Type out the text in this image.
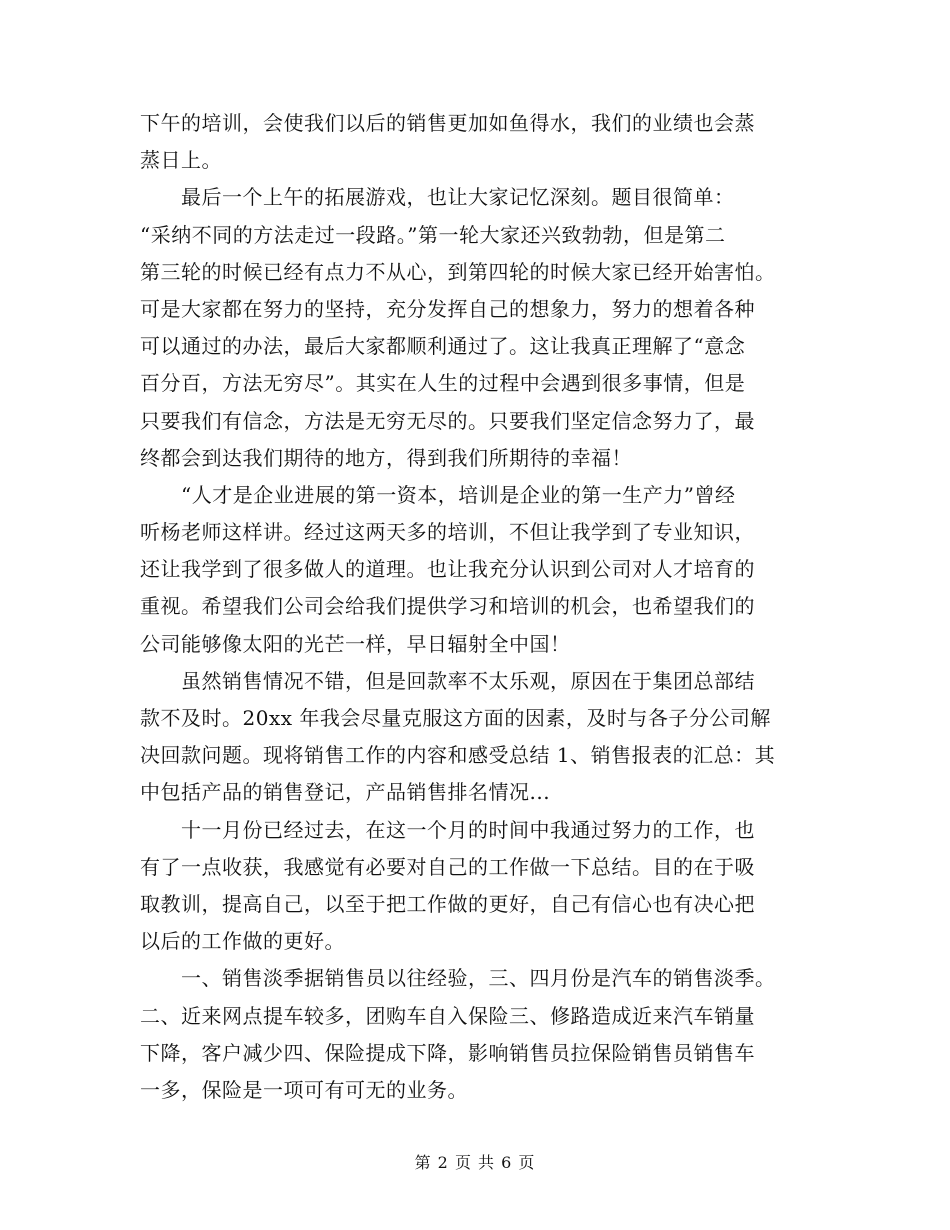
下午的培训，会使我们以后的销售更加如鱼得水，我们的业绩也会蒸
蒸日上。
　　最后一个上午的拓展游戏，也让大家记忆深刻。题目很简单：
“采纳不同的方法走过一段路。”第一轮大家还兴致勃勃，但是第二
第三轮的时候已经有点力不从心，到第四轮的时候大家已经开始害怕。
可是大家都在努力的坚持，充分发挥自己的想象力，努力的想着各种
可以通过的办法，最后大家都顺利通过了。这让我真正理解了“意念
百分百，方法无穷尽”。其实在人生的过程中会遇到很多事情，但是
只要我们有信念，方法是无穷无尽的。只要我们坚定信念努力了，最
终都会到达我们期待的地方，得到我们所期待的幸福！
　　“人才是企业进展的第一资本，培训是企业的第一生产力”曾经
听杨老师这样讲。经过这两天多的培训，不但让我学到了专业知识，
还让我学到了很多做人的道理。也让我充分认识到公司对人才培育的
重视。希望我们公司会给我们提供学习和培训的机会，也希望我们的
公司能够像太阳的光芒一样，早日辐射全中国！
　　虽然销售情况不错，但是回款率不太乐观，原因在于集团总部结
款不及时。20xx 年我会尽量克服这方面的因素，及时与各子分公司解
决回款问题。现将销售工作的内容和感受总结 1、销售报表的汇总：其
中包括产品的销售登记，产品销售排名情况...
　　十一月份已经过去，在这一个月的时间中我通过努力的工作，也
有了一点收获，我感觉有必要对自己的工作做一下总结。目的在于吸
取教训，提高自己，以至于把工作做的更好，自己有信心也有决心把
以后的工作做的更好。
　　一、销售淡季据销售员以往经验，三、四月份是汽车的销售淡季。
二、近来网点提车较多，团购车自入保险三、修路造成近来汽车销量
下降，客户减少四、保险提成下降，影响销售员拉保险销售员销售车
一多，保险是一项可有可无的业务。
第 2 页 共 6 页
